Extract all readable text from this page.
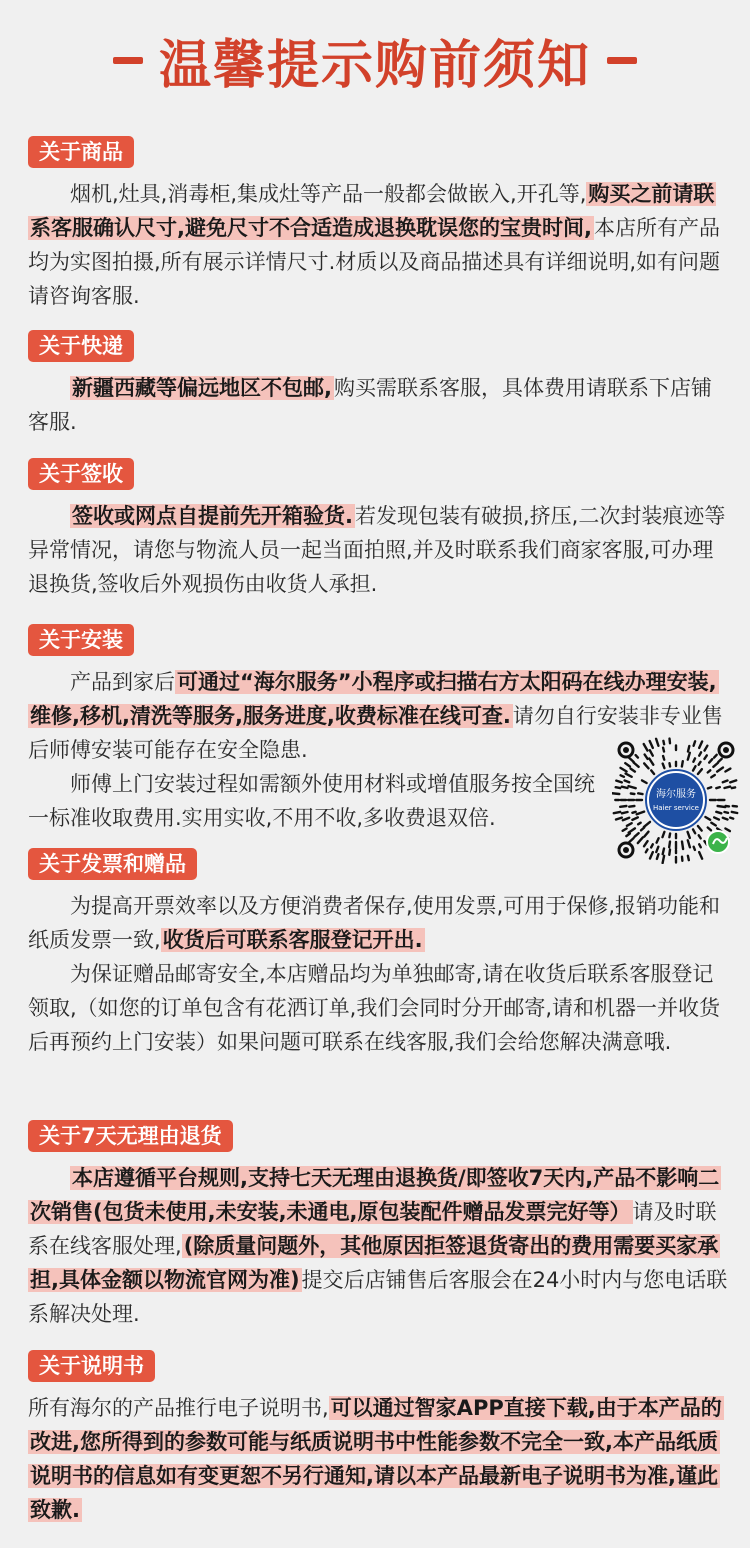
温馨提示购前须知
关于商品

烟机,灶具,消毒柜,集成灶等产品一般都会做嵌入,开孔等,购买之前请联系客服确认尺寸,避免尺寸不合适造成退换耽误您的宝贵时间,本店所有产品均为实图拍摄,所有展示详情尺寸.材质以及商品描述具有详细说明,如有问题请咨询客服.

关于快递

新疆西藏等偏远地区不包邮,购买需联系客服，具体费用请联系下店铺客服.

关于签收

签收或网点自提前先开箱验货.若发现包装有破损,挤压,二次封装痕迹等异常情况，请您与物流人员一起当面拍照,并及时联系我们商家客服,可办理退换货,签收后外观损伤由收货人承担.

关于安装

产品到家后可通过“海尔服务”小程序或扫描右方太阳码在线办理安装,维修,移机,清洗等服务,服务进度,收费标准在线可查.请勿自行安装非专业售后师傅安装可能存在安全隐患.

师傅上门安装过程如需额外使用材料或增值服务按全国统一标准收取费用.实用实收,不用不收,多收费退双倍.

海尔服务
Haier service
关于发票和赠品

为提高开票效率以及方便消费者保存,使用发票,可用于保修,报销功能和纸质发票一致,收货后可联系客服登记开出.

为保证赠品邮寄安全,本店赠品均为单独邮寄,请在收货后联系客服登记领取,（如您的订单包含有花洒订单,我们会同时分开邮寄,请和机器一并收货后再预约上门安装）如果问题可联系在线客服,我们会给您解决满意哦.

关于7天无理由退货

本店遵循平台规则,支持七天无理由退换货/即签收7天内,产品不影响二次销售(包货未使用,未安装,未通电,原包装配件赠品发票完好等）请及时联系在线客服处理,(除质量问题外，其他原因拒签退货寄出的费用需要买家承担,具体金额以物流官网为准)提交后店铺售后客服会在24小时内与您电话联系解决处理.

关于说明书

所有海尔的产品推行电子说明书,可以通过智家APP直接下载,由于本产品的改进,您所得到的参数可能与纸质说明书中性能参数不完全一致,本产品纸质说明书的信息如有变更恕不另行通知,请以本产品最新电子说明书为准,谨此致歉.
